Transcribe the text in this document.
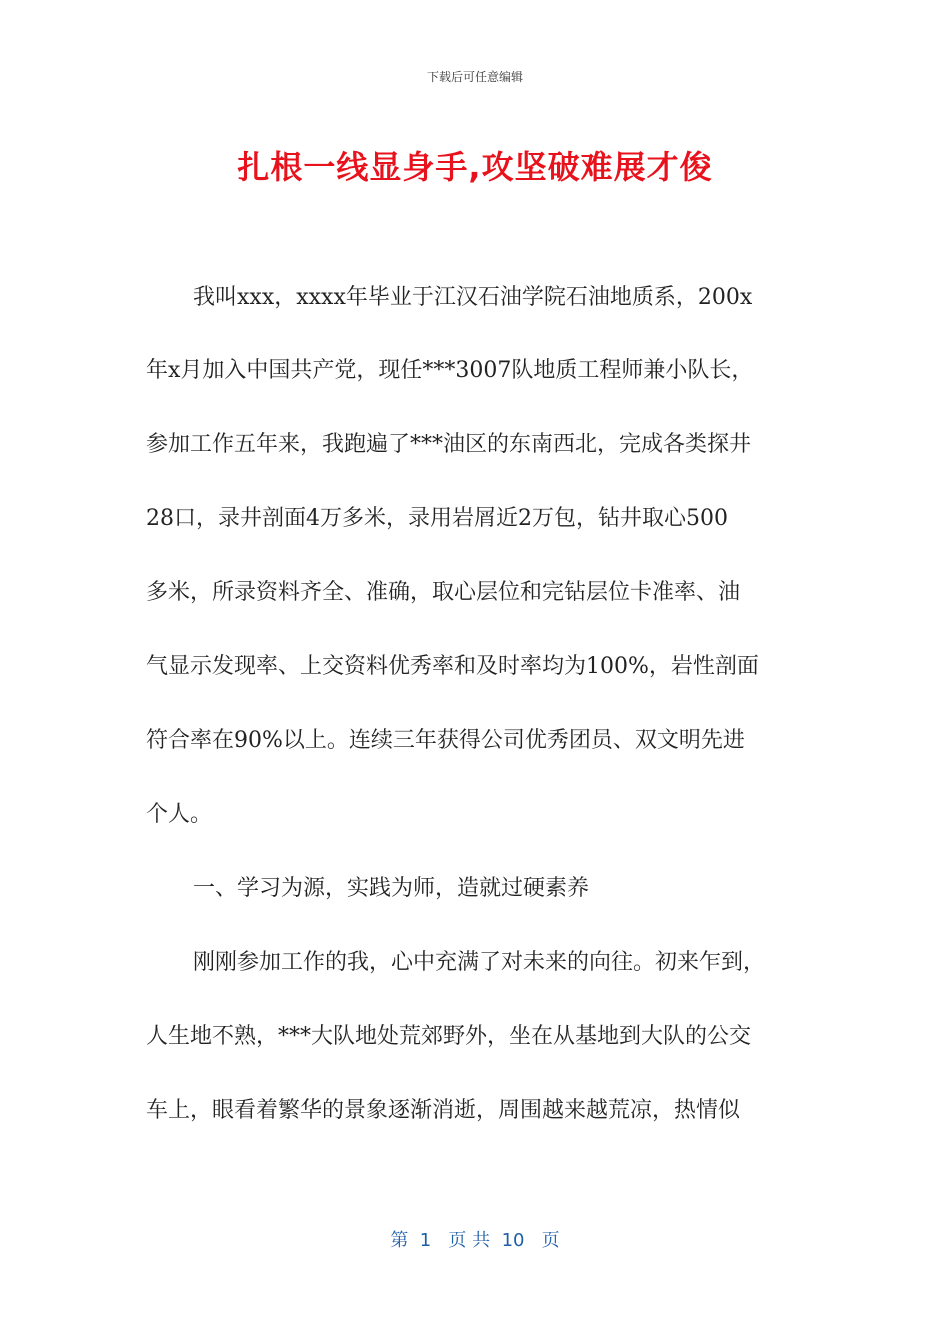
下载后可任意编辑
扎根一线显身手,攻坚破难展才俊
我叫xxx，xxxx年毕业于江汉石油学院石油地质系，200x
年x月加入中国共产党，现任***3007队地质工程师兼小队长，
参加工作五年来，我跑遍了***油区的东南西北，完成各类探井
28口，录井剖面4万多米，录用岩屑近2万包，钻井取心500
多米，所录资料齐全、准确，取心层位和完钻层位卡准率、油
气显示发现率、上交资料优秀率和及时率均为100%，岩性剖面
符合率在90%以上。连续三年获得公司优秀团员、双文明先进
个人。
一、学习为源，实践为师，造就过硬素养
刚刚参加工作的我，心中充满了对未来的向往。初来乍到，
人生地不熟，***大队地处荒郊野外，坐在从基地到大队的公交
车上，眼看着繁华的景象逐渐消逝，周围越来越荒凉，热情似
第  1   页 共  10   页
